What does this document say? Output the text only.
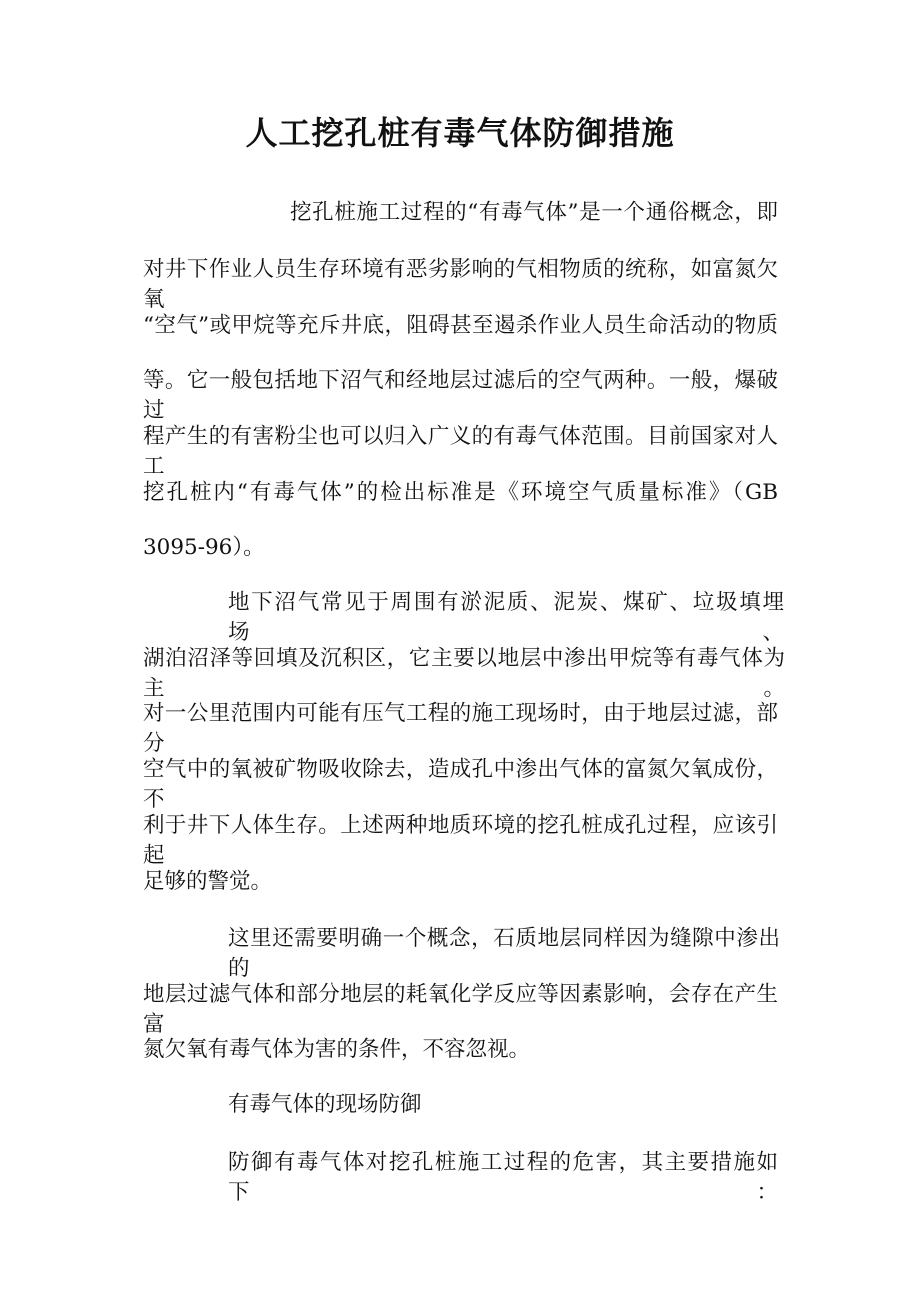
人工挖孔桩有毒气体防御措施
挖孔桩施工过程的“有毒气体”是一个通俗概念，即
对井下作业人员生存环境有恶劣影响的气相物质的统称，如富氮欠氧
“空气”或甲烷等充斥井底，阻碍甚至遏杀作业人员生命活动的物质
等。它一般包括地下沼气和经地层过滤后的空气两种。一般，爆破过
程产生的有害粉尘也可以归入广义的有毒气体范围。目前国家对人工
挖孔桩内“有毒气体”的检出标准是《环境空气质量标准》（GB
3095-96）。
地下沼气常见于周围有淤泥质、泥炭、煤矿、垃圾填埋场、
湖泊沼泽等回填及沉积区，它主要以地层中渗出甲烷等有毒气体为主。
对一公里范围内可能有压气工程的施工现场时，由于地层过滤，部分
空气中的氧被矿物吸收除去，造成孔中渗出气体的富氮欠氧成份，不
利于井下人体生存。上述两种地质环境的挖孔桩成孔过程，应该引起
足够的警觉。
这里还需要明确一个概念，石质地层同样因为缝隙中渗出的
地层过滤气体和部分地层的耗氧化学反应等因素影响，会存在产生富
氮欠氧有毒气体为害的条件，不容忽视。
有毒气体的现场防御
防御有毒气体对挖孔桩施工过程的危害，其主要措施如下：
